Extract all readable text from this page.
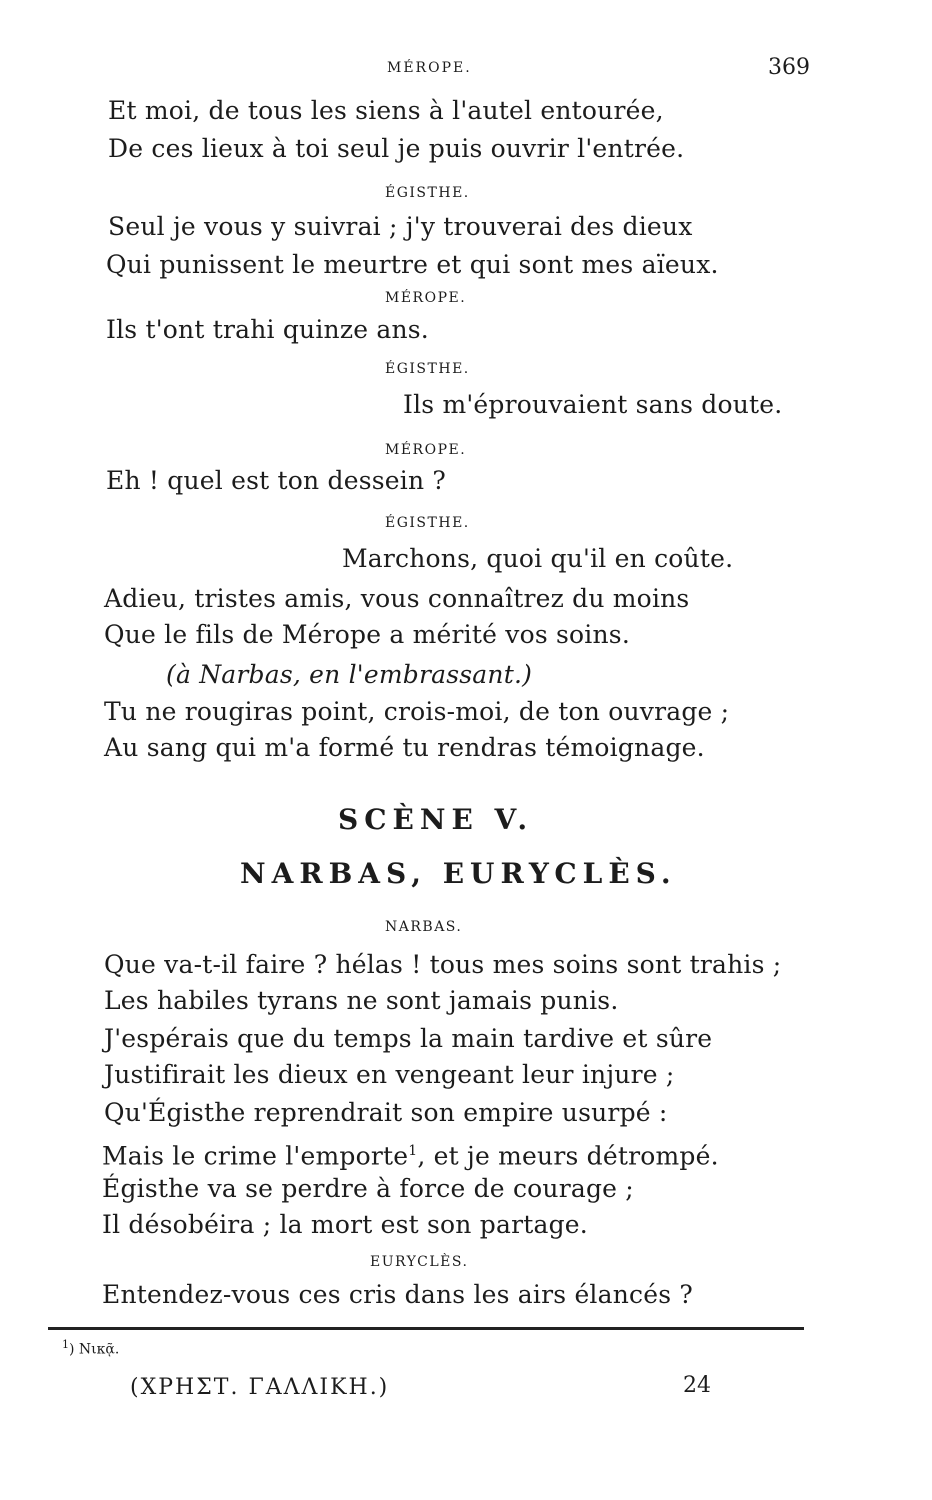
MÉROPE.	369
Et moi, de tous les siens à l'autel entourée,
De ces lieux à toi seul je puis ouvrir l'entrée.
ÉGISTHE.
Seul je vous y suivrai ; j'y trouverai des dieux
Qui punissent le meurtre et qui sont mes aïeux.
MÉROPE.
Ils t'ont trahi quinze ans.
ÉGISTHE.
Ils m'éprouvaient sans doute.
MÉROPE.
Eh ! quel est ton dessein ?
ÉGISTHE.
Marchons, quoi qu'il en coûte.
Adieu, tristes amis, vous connaîtrez du moins
Que le fils de Mérope a mérité vos soins.
(à Narbas, en l'embrassant.)
Tu ne rougiras point, crois-moi, de ton ouvrage ;
Au sang qui m'a formé tu rendras témoignage.
SCÈNE V.
NARBAS, EURYCLÈS.
NARBAS.
Que va-t-il faire ? hélas ! tous mes soins sont trahis ;
Les habiles tyrans ne sont jamais punis.
J'espérais que du temps la main tardive et sûre
Justifirait les dieux en vengeant leur injure ;
Qu'Égisthe reprendrait son empire usurpé :
Mais le crime l'emporte$^1$, et je meurs détrompé.
Égisthe va se perdre à force de courage ;
Il désobéira ; la mort est son partage.
EURYCLÈS.
Entendez-vous ces cris dans les airs élancés ?
$^1$) Νικᾷ.
(ΧΡΗΣΤ. ΓΑΛΛΙΚΗ.)	24
